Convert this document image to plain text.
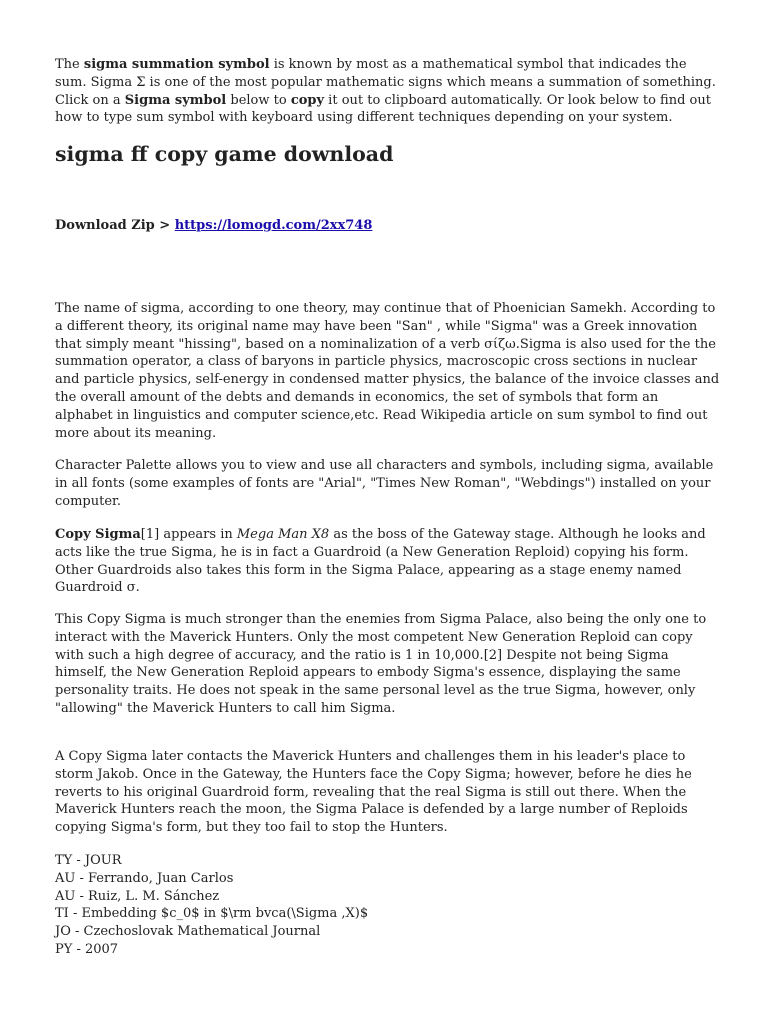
The sigma summation symbol is known by most as a mathematical symbol that indicades the sum. Sigma Σ is one of the most popular mathematic signs which means a summation of something. Click on a Sigma symbol below to copy it out to clipboard automatically. Or look below to find out how to type sum symbol with keyboard using different techniques depending on your system.

sigma ff copy game download

Download Zip > https://lomogd.com/2xx748

The name of sigma, according to one theory, may continue that of Phoenician Samekh. According to a different theory, its original name may have been "San" , while "Sigma" was a Greek innovation that simply meant "hissing", based on a nominalization of a verb σίζω.Sigma is also used for the the summation operator, a class of baryons in particle physics, macroscopic cross sections in nuclear and particle physics, self-energy in condensed matter physics, the balance of the invoice classes and the overall amount of the debts and demands in economics, the set of symbols that form an alphabet in linguistics and computer science,etc. Read Wikipedia article on sum symbol to find out more about its meaning.

Character Palette allows you to view and use all characters and symbols, including sigma, available in all fonts (some examples of fonts are "Arial", "Times New Roman", "Webdings") installed on your computer.

Copy Sigma[1] appears in Mega Man X8 as the boss of the Gateway stage. Although he looks and acts like the true Sigma, he is in fact a Guardroid (a New Generation Reploid) copying his form. Other Guardroids also takes this form in the Sigma Palace, appearing as a stage enemy named Guardroid σ.

This Copy Sigma is much stronger than the enemies from Sigma Palace, also being the only one to interact with the Maverick Hunters. Only the most competent New Generation Reploid can copy with such a high degree of accuracy, and the ratio is 1 in 10,000.[2] Despite not being Sigma himself, the New Generation Reploid appears to embody Sigma's essence, displaying the same personality traits. He does not speak in the same personal level as the true Sigma, however, only "allowing" the Maverick Hunters to call him Sigma.

A Copy Sigma later contacts the Maverick Hunters and challenges them in his leader's place to storm Jakob. Once in the Gateway, the Hunters face the Copy Sigma; however, before he dies he reverts to his original Guardroid form, revealing that the real Sigma is still out there. When the Maverick Hunters reach the moon, the Sigma Palace is defended by a large number of Reploids copying Sigma's form, but they too fail to stop the Hunters.

TY - JOUR

AU - Ferrando, Juan Carlos

AU - Ruiz, L. M. Sánchez

TI - Embedding $c_0$ in $\rm bvca(\Sigma ,X)$

JO - Czechoslovak Mathematical Journal

PY - 2007
